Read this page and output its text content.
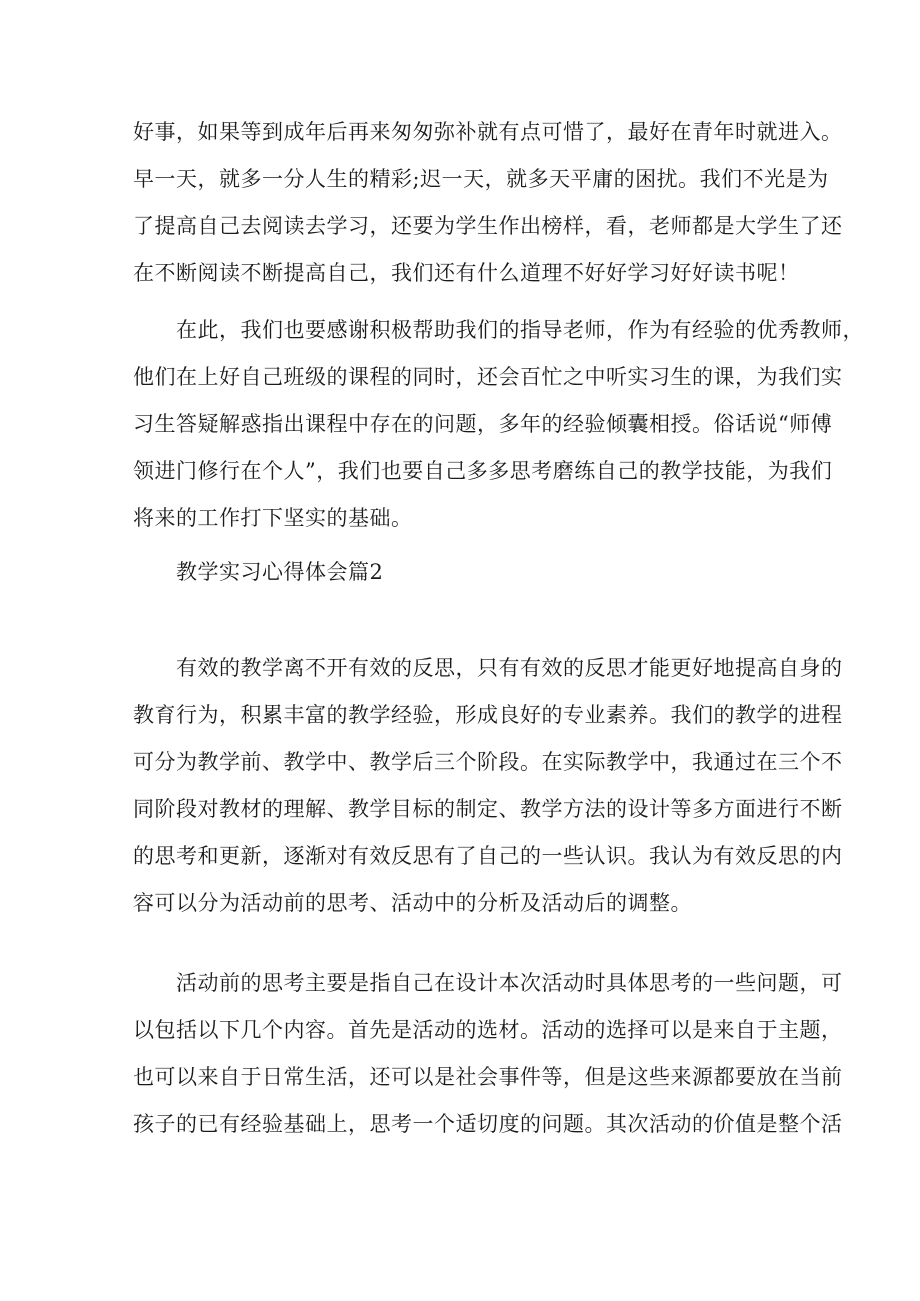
好事，如果等到成年后再来匆匆弥补就有点可惜了，最好在青年时就进入。
早一天，就多一分人生的精彩;迟一天，就多天平庸的困扰。我们不光是为
了提高自己去阅读去学习，还要为学生作出榜样，看，老师都是大学生了还
在不断阅读不断提高自己，我们还有什么道理不好好学习好好读书呢！
在此，我们也要感谢积极帮助我们的指导老师，作为有经验的优秀教师，
他们在上好自己班级的课程的同时，还会百忙之中听实习生的课，为我们实
习生答疑解惑指出课程中存在的问题，多年的经验倾囊相授。俗话说“师傅
领进门修行在个人”，我们也要自己多多思考磨练自己的教学技能，为我们
将来的工作打下坚实的基础。
教学实习心得体会篇2
有效的教学离不开有效的反思，只有有效的反思才能更好地提高自身的
教育行为，积累丰富的教学经验，形成良好的专业素养。我们的教学的进程
可分为教学前、教学中、教学后三个阶段。在实际教学中，我通过在三个不
同阶段对教材的理解、教学目标的制定、教学方法的设计等多方面进行不断
的思考和更新，逐渐对有效反思有了自己的一些认识。我认为有效反思的内
容可以分为活动前的思考、活动中的分析及活动后的调整。
活动前的思考主要是指自己在设计本次活动时具体思考的一些问题，可
以包括以下几个内容。首先是活动的选材。活动的选择可以是来自于主题，
也可以来自于日常生活，还可以是社会事件等，但是这些来源都要放在当前
孩子的已有经验基础上，思考一个适切度的问题。其次活动的价值是整个活
